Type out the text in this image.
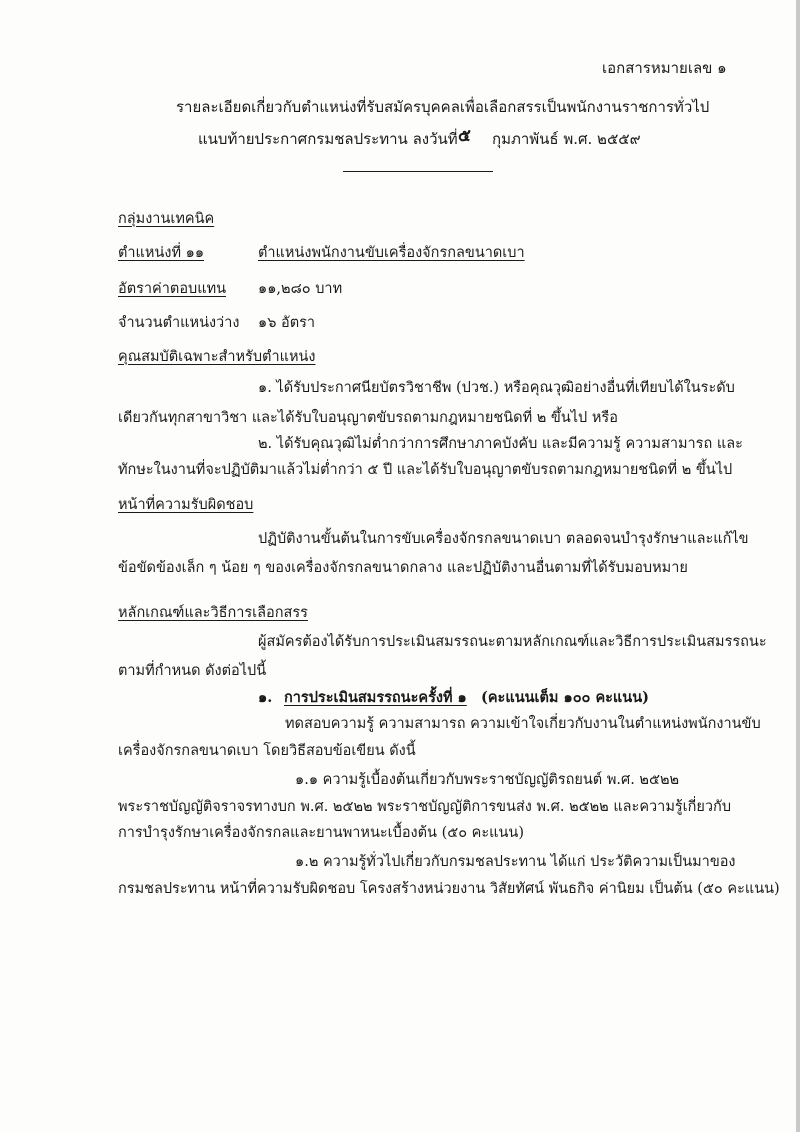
เอกสารหมายเลข ๑
รายละเอียดเกี่ยวกับตำแหน่งที่รับสมัครบุคคลเพื่อเลือกสรรเป็นพนักงานราชการทั่วไป
แนบท้ายประกาศกรมชลประทาน ลงวันที่ ๕ กุมภาพันธ์ พ.ศ. ๒๕๕๙
กลุ่มงานเทคนิค
ตำแหน่งที่ ๑๑	ตำแหน่งพนักงานขับเครื่องจักรกลขนาดเบา
อัตราค่าตอบแทน ๑๑,๒๘๐ บาท
จำนวนตำแหน่งว่าง ๑๖ อัตรา
คุณสมบัติเฉพาะสำหรับตำแหน่ง
๑. ได้รับประกาศนียบัตรวิชาชีพ (ปวช.) หรือคุณวุฒิอย่างอื่นที่เทียบได้ในระดับ
เดียวกันทุกสาขาวิชา และได้รับใบอนุญาตขับรถตามกฎหมายชนิดที่ ๒ ขึ้นไป หรือ
๒. ได้รับคุณวุฒิไม่ต่ำกว่าการศึกษาภาคบังคับ และมีความรู้ ความสามารถ และ
ทักษะในงานที่จะปฏิบัติมาแล้วไม่ต่ำกว่า ๕ ปี และได้รับใบอนุญาตขับรถตามกฎหมายชนิดที่ ๒ ขึ้นไป
หน้าที่ความรับผิดชอบ
ปฏิบัติงานขั้นต้นในการขับเครื่องจักรกลขนาดเบา ตลอดจนบำรุงรักษาและแก้ไข
ข้อขัดข้องเล็ก ๆ น้อย ๆ ของเครื่องจักรกลขนาดกลาง และปฏิบัติงานอื่นตามที่ได้รับมอบหมาย
หลักเกณฑ์และวิธีการเลือกสรร
ผู้สมัครต้องได้รับการประเมินสมรรถนะตามหลักเกณฑ์และวิธีการประเมินสมรรถนะ
ตามที่กำหนด ดังต่อไปนี้
๑. การประเมินสมรรถนะครั้งที่ ๑ (คะแนนเต็ม ๑๐๐ คะแนน)
ทดสอบความรู้ ความสามารถ ความเข้าใจเกี่ยวกับงานในตำแหน่งพนักงานขับ
เครื่องจักรกลขนาดเบา โดยวิธีสอบข้อเขียน ดังนี้
๑.๑ ความรู้เบื้องต้นเกี่ยวกับพระราชบัญญัติรถยนต์ พ.ศ. ๒๕๒๒
พระราชบัญญัติจราจรทางบก พ.ศ. ๒๕๒๒ พระราชบัญญัติการขนส่ง พ.ศ. ๒๕๒๒ และความรู้เกี่ยวกับ
การบำรุงรักษาเครื่องจักรกลและยานพาหนะเบื้องต้น (๕๐ คะแนน)
๑.๒ ความรู้ทั่วไปเกี่ยวกับกรมชลประทาน ได้แก่ ประวัติความเป็นมาของ
กรมชลประทาน หน้าที่ความรับผิดชอบ โครงสร้างหน่วยงาน วิสัยทัศน์ พันธกิจ ค่านิยม เป็นต้น (๕๐ คะแนน)
